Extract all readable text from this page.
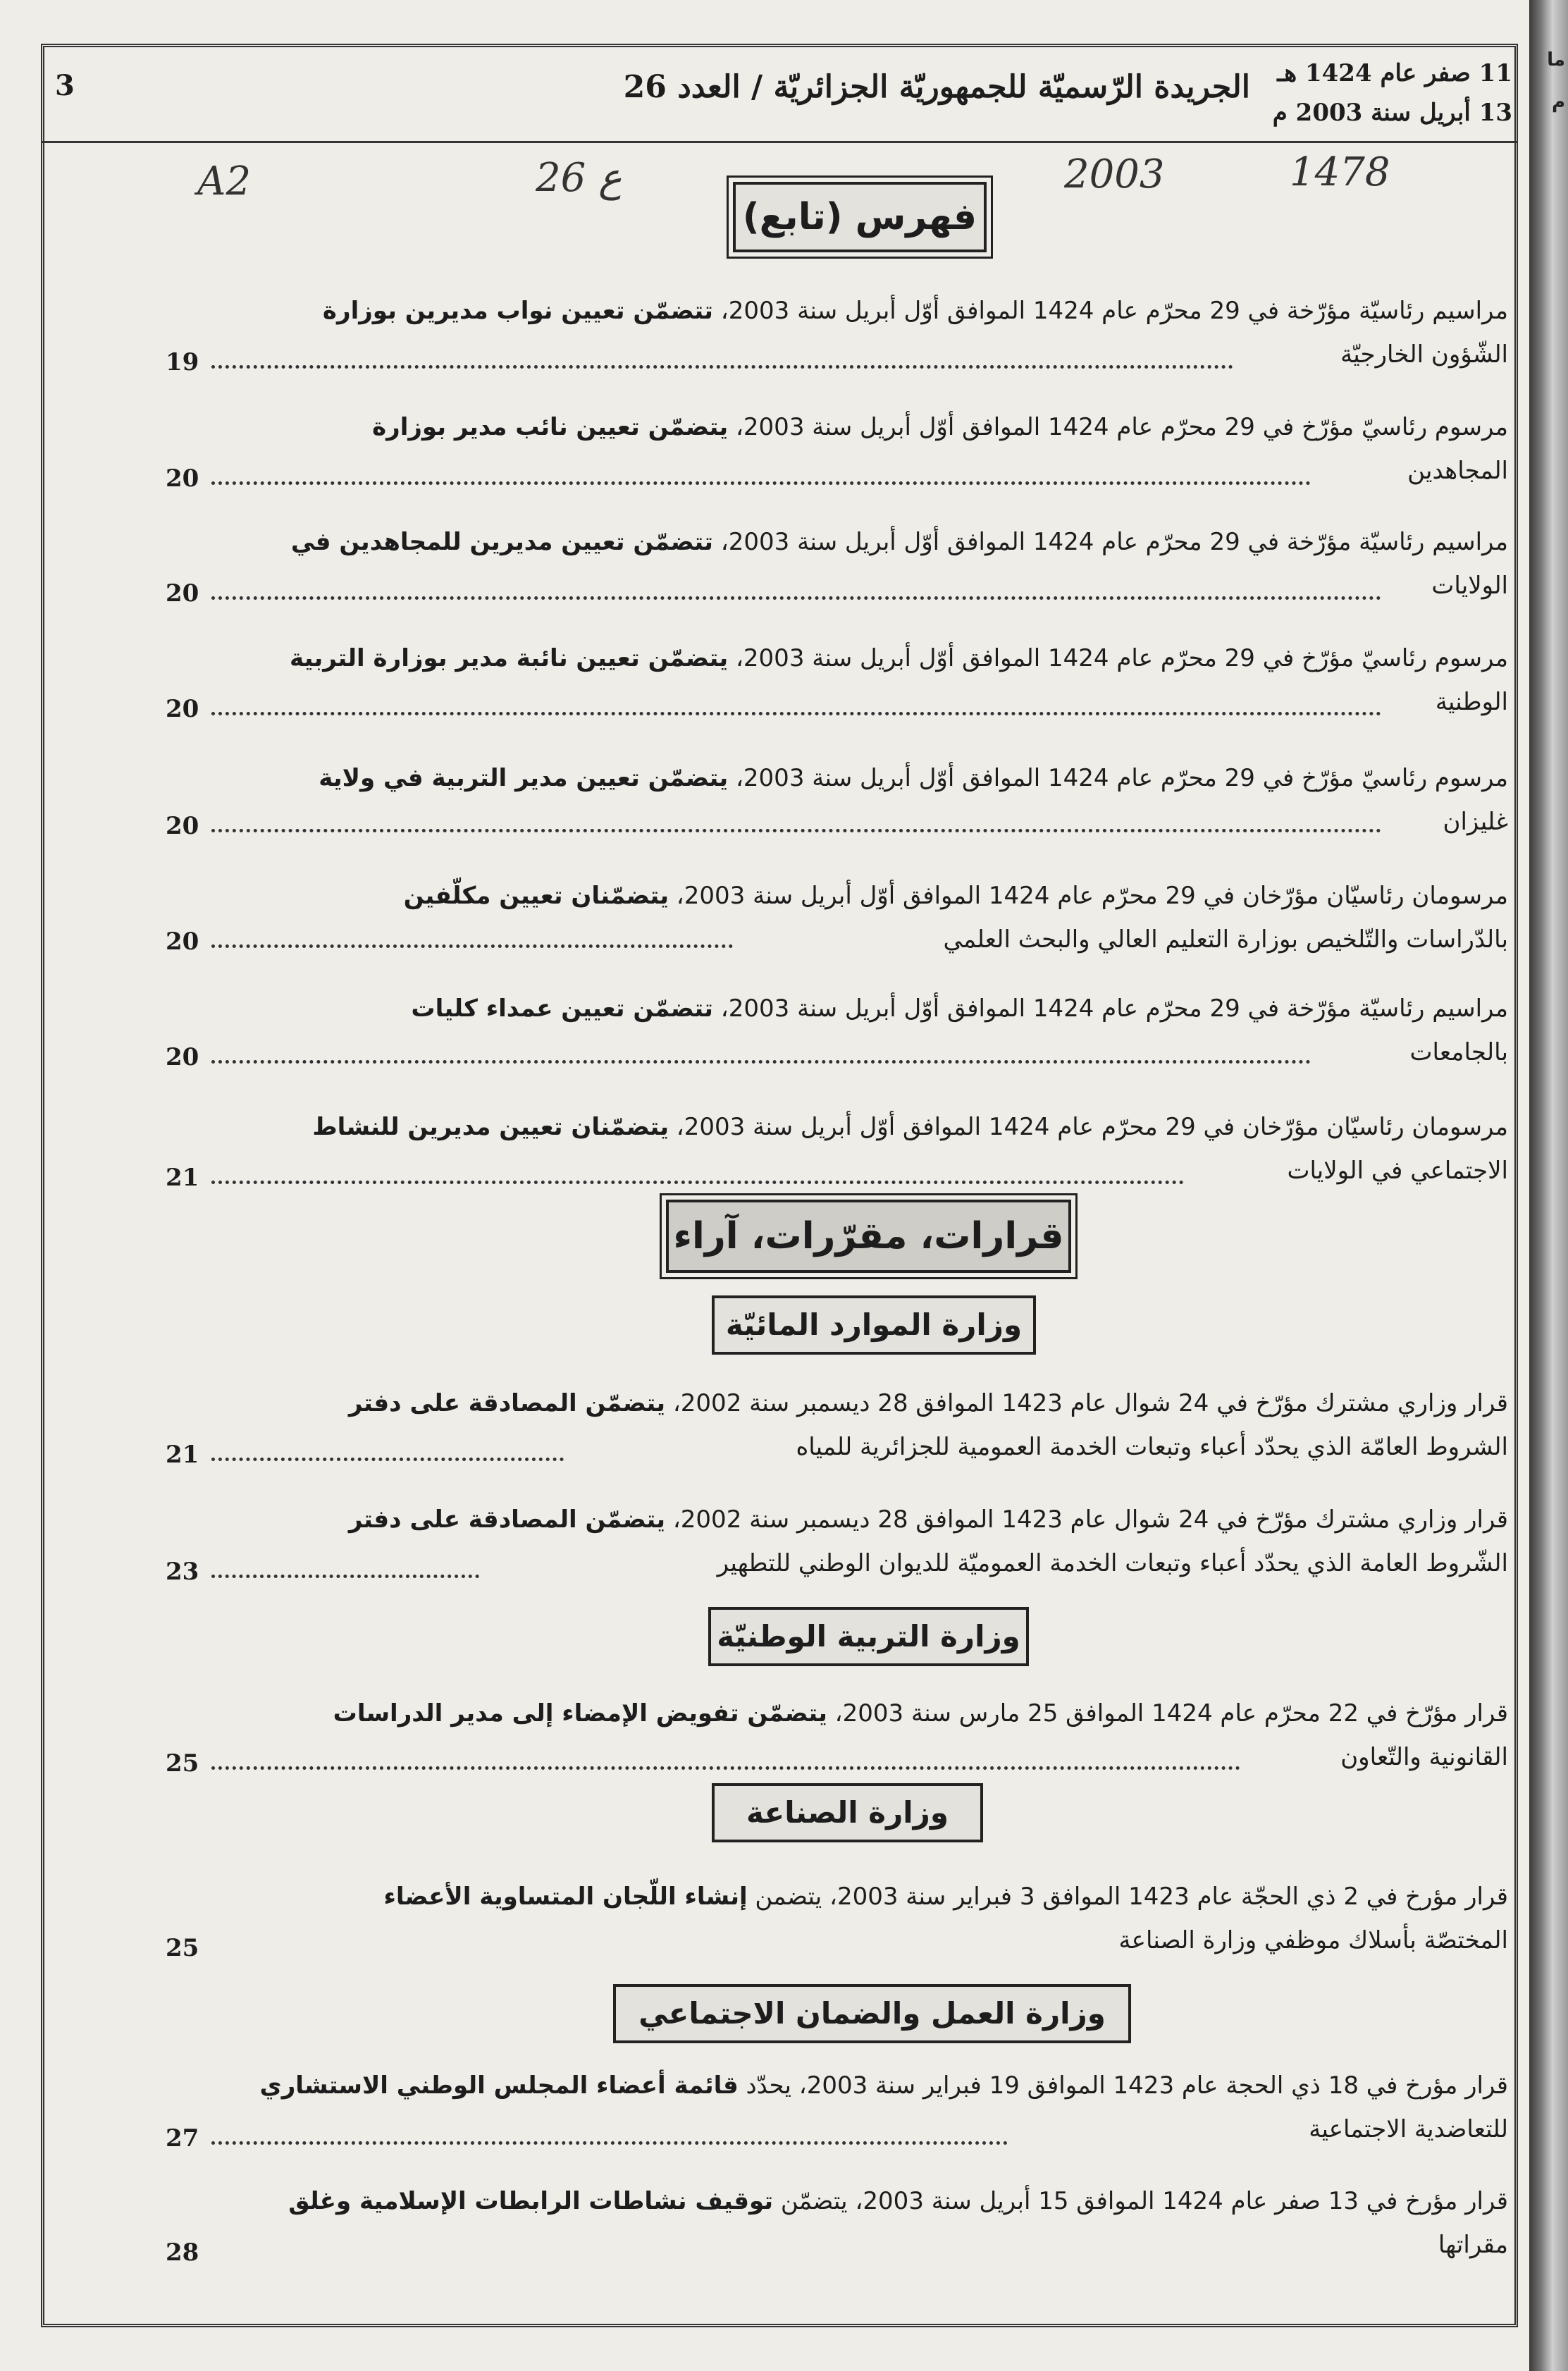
ما
م
3	الجريدة الرّسميّة للجمهوريّة الجزائريّة / العدد 26 11 صفر عام 1424 هـ
13 أبريل سنة 2003 م
A2	26 ع	2003	1478
فهرس (تابع)
مراسيم رئاسيّة مؤرّخة في 29 محرّم عام 1424 الموافق أوّل أبريل سنة 2003، تتضمّن تعيين نواب مديرين بوزارة
الشّؤون الخارجيّة
19
مرسوم رئاسيّ مؤرّخ في 29 محرّم عام 1424 الموافق أوّل أبريل سنة 2003، يتضمّن تعيين نائب مدير بوزارة
المجاهدين
20
مراسيم رئاسيّة مؤرّخة في 29 محرّم عام 1424 الموافق أوّل أبريل سنة 2003، تتضمّن تعيين مديرين للمجاهدين في
الولايات
20
مرسوم رئاسيّ مؤرّخ في 29 محرّم عام 1424 الموافق أوّل أبريل سنة 2003، يتضمّن تعيين نائبة مدير بوزارة التربية
الوطنية
20
مرسوم رئاسيّ مؤرّخ في 29 محرّم عام 1424 الموافق أوّل أبريل سنة 2003، يتضمّن تعيين مدير التربية في ولاية
غليزان
20
مرسومان رئاسيّان مؤرّخان في 29 محرّم عام 1424 الموافق أوّل أبريل سنة 2003، يتضمّنان تعيين مكلّفين
بالدّراسات والتّلخيص بوزارة التعليم العالي والبحث العلمي
20
مراسيم رئاسيّة مؤرّخة في 29 محرّم عام 1424 الموافق أوّل أبريل سنة 2003، تتضمّن تعيين عمداء كليات
بالجامعات
20
مرسومان رئاسيّان مؤرّخان في 29 محرّم عام 1424 الموافق أوّل أبريل سنة 2003، يتضمّنان تعيين مديرين للنشاط
الاجتماعي في الولايات
21
قرارات، مقرّرات، آراء
وزارة الموارد المائيّة
قرار وزاري مشترك مؤرّخ في 24 شوال عام 1423 الموافق 28 ديسمبر سنة 2002، يتضمّن المصادقة على دفتر
الشروط العامّة الذي يحدّد أعباء وتبعات الخدمة العمومية للجزائرية للمياه
21
قرار وزاري مشترك مؤرّخ في 24 شوال عام 1423 الموافق 28 ديسمبر سنة 2002، يتضمّن المصادقة على دفتر
الشّروط العامة الذي يحدّد أعباء وتبعات الخدمة العموميّة للديوان الوطني للتطهير
23
وزارة التربية الوطنيّة
قرار مؤرّخ في 22 محرّم عام 1424 الموافق 25 مارس سنة 2003، يتضمّن تفويض الإمضاء إلى مدير الدراسات
القانونية والتّعاون
25
وزارة الصناعة
قرار مؤرخ في 2 ذي الحجّة عام 1423 الموافق 3 فبراير سنة 2003، يتضمن إنشاء اللّجان المتساوية الأعضاء
المختصّة بأسلاك موظفي وزارة الصناعة
25
وزارة العمل والضمان الاجتماعي
قرار مؤرخ في 18 ذي الحجة عام 1423 الموافق 19 فبراير سنة 2003، يحدّد قائمة أعضاء المجلس الوطني الاستشاري
للتعاضدية الاجتماعية
27
قرار مؤرخ في 13 صفر عام 1424 الموافق 15 أبريل سنة 2003، يتضمّن توقيف نشاطات الرابطات الإسلامية وغلق
مقراتها
28
